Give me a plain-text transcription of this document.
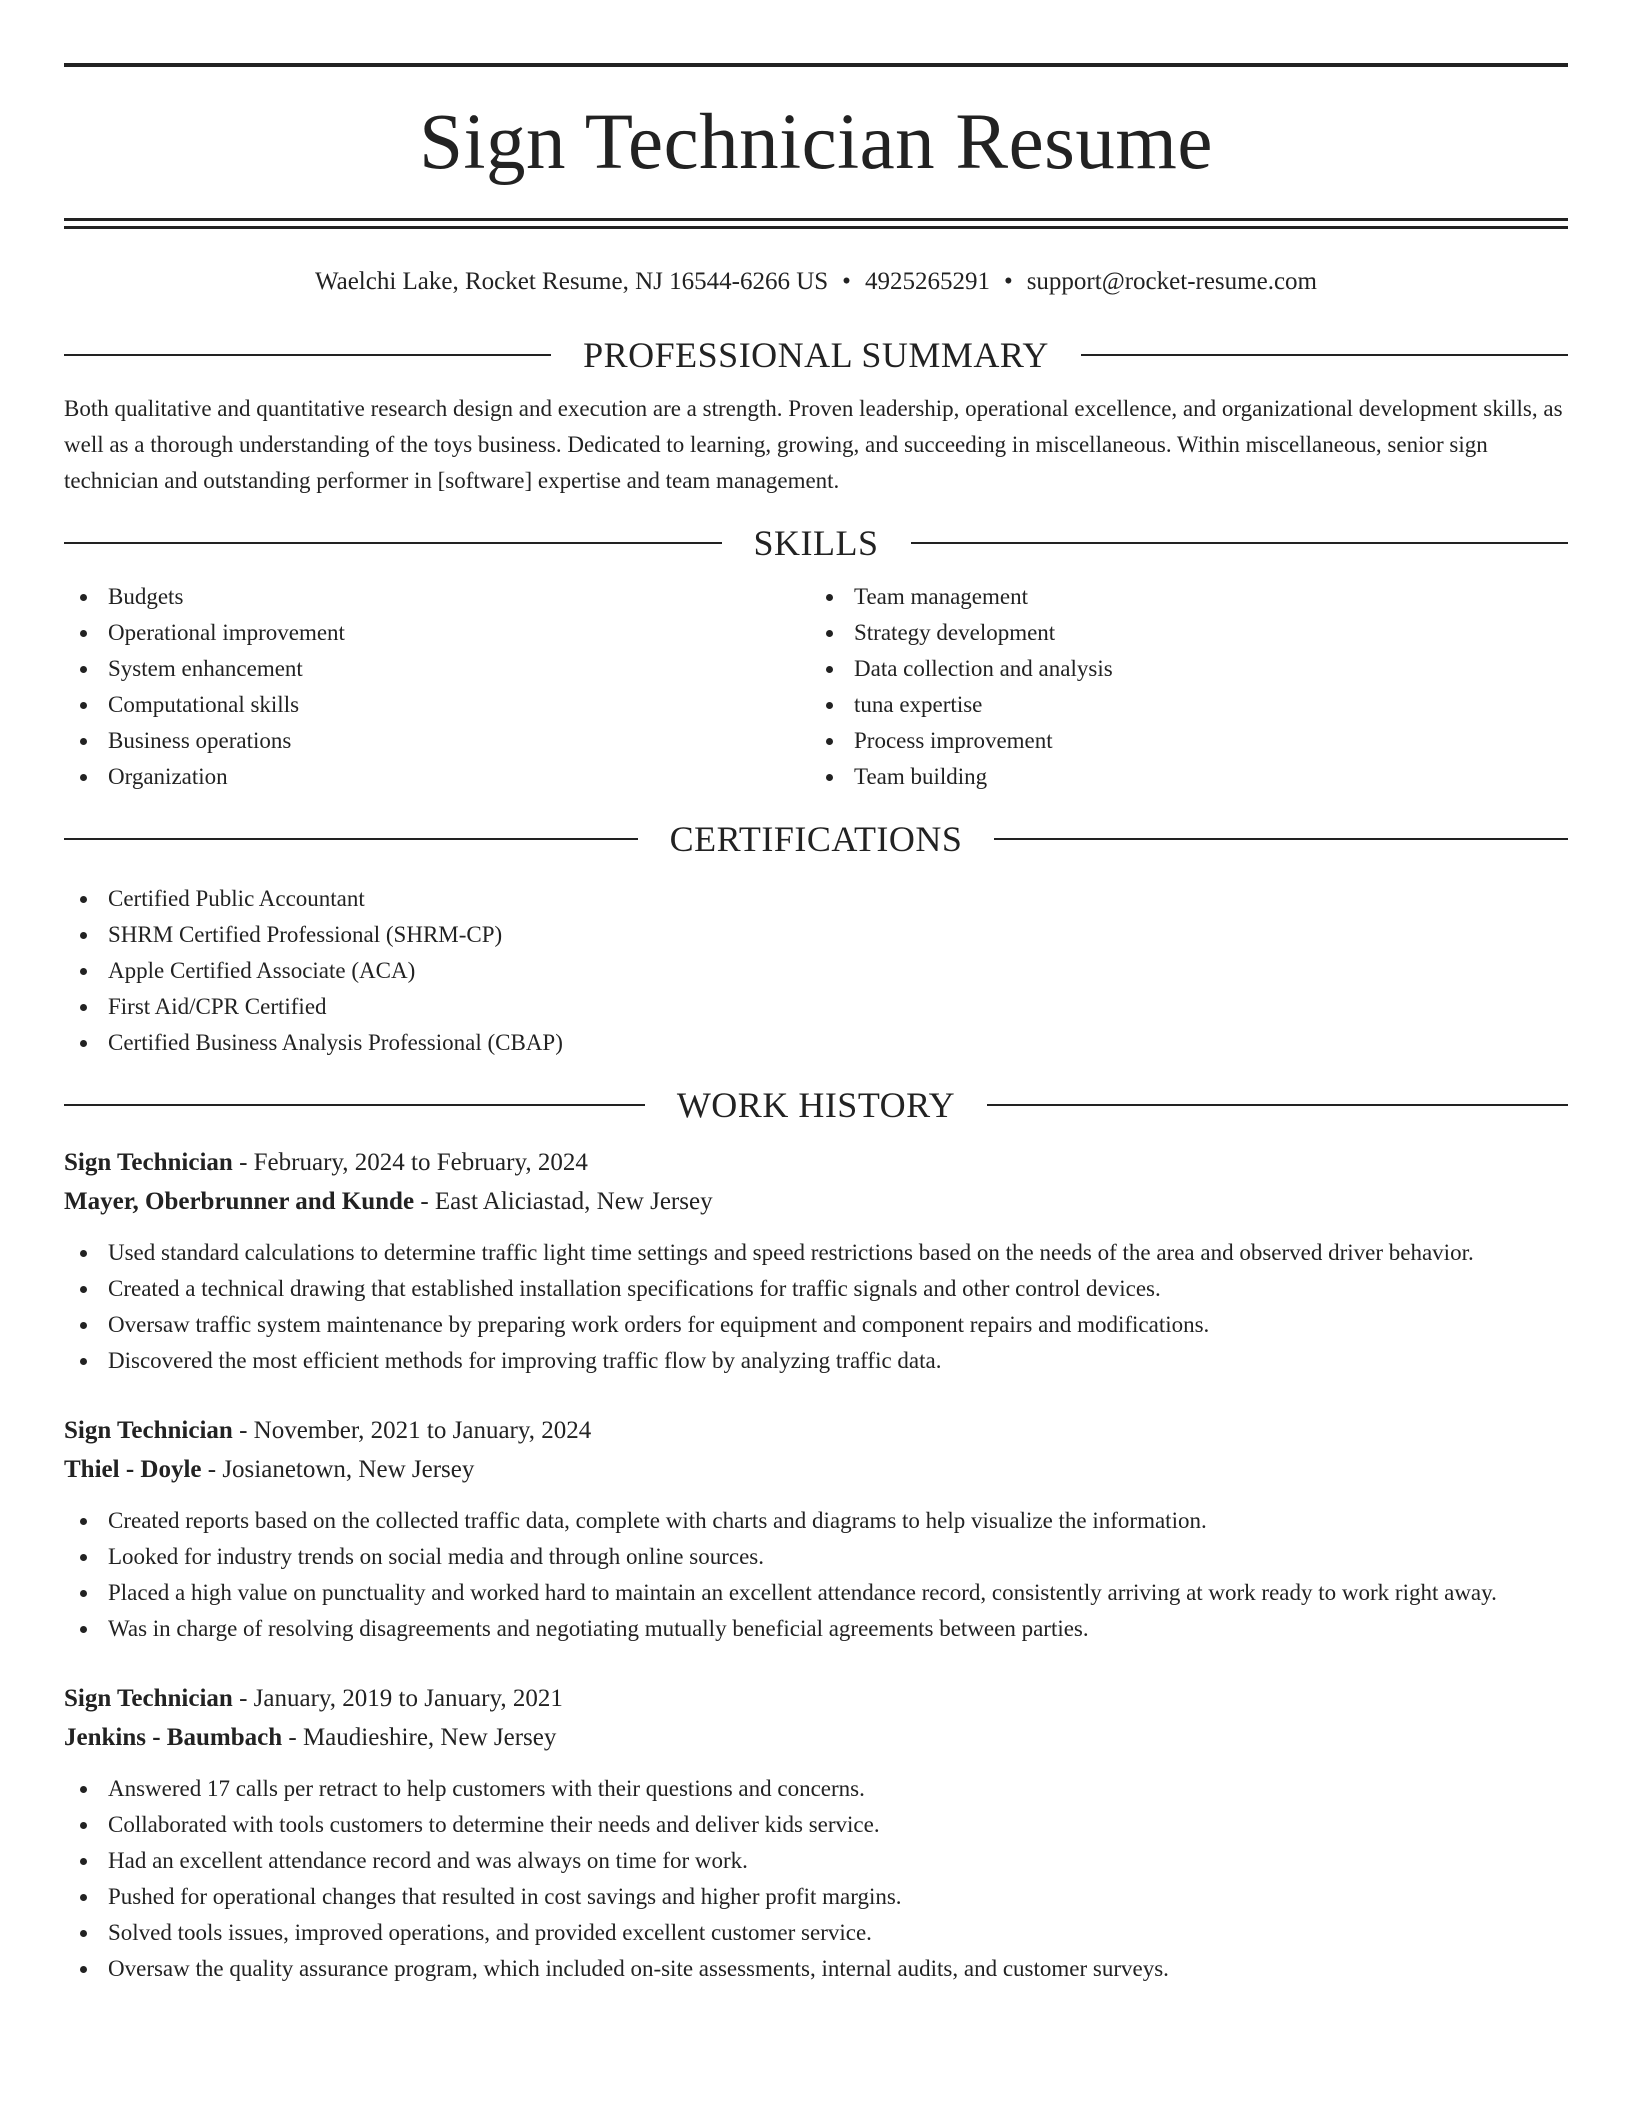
Sign Technician Resume
Waelchi Lake, Rocket Resume, NJ 16544-6266 US • 4925265291 • support@rocket-resume.com
PROFESSIONAL SUMMARY
Both qualitative and quantitative research design and execution are a strength. Proven leadership, operational excellence, and organizational development skills, as well as a thorough understanding of the toys business. Dedicated to learning, growing, and succeeding in miscellaneous. Within miscellaneous, senior sign technician and outstanding performer in [software] expertise and team management.
SKILLS
Budgets
Operational improvement
System enhancement
Computational skills
Business operations
Organization
Team management
Strategy development
Data collection and analysis
tuna expertise
Process improvement
Team building
CERTIFICATIONS
Certified Public Accountant
SHRM Certified Professional (SHRM-CP)
Apple Certified Associate (ACA)
First Aid/CPR Certified
Certified Business Analysis Professional (CBAP)
WORK HISTORY
Sign Technician - February, 2024 to February, 2024
Mayer, Oberbrunner and Kunde - East Aliciastad, New Jersey
Used standard calculations to determine traffic light time settings and speed restrictions based on the needs of the area and observed driver behavior.
Created a technical drawing that established installation specifications for traffic signals and other control devices.
Oversaw traffic system maintenance by preparing work orders for equipment and component repairs and modifications.
Discovered the most efficient methods for improving traffic flow by analyzing traffic data.
Sign Technician - November, 2021 to January, 2024
Thiel - Doyle - Josianetown, New Jersey
Created reports based on the collected traffic data, complete with charts and diagrams to help visualize the information.
Looked for industry trends on social media and through online sources.
Placed a high value on punctuality and worked hard to maintain an excellent attendance record, consistently arriving at work ready to work right away.
Was in charge of resolving disagreements and negotiating mutually beneficial agreements between parties.
Sign Technician - January, 2019 to January, 2021
Jenkins - Baumbach - Maudieshire, New Jersey
Answered 17 calls per retract to help customers with their questions and concerns.
Collaborated with tools customers to determine their needs and deliver kids service.
Had an excellent attendance record and was always on time for work.
Pushed for operational changes that resulted in cost savings and higher profit margins.
Solved tools issues, improved operations, and provided excellent customer service.
Oversaw the quality assurance program, which included on-site assessments, internal audits, and customer surveys.
